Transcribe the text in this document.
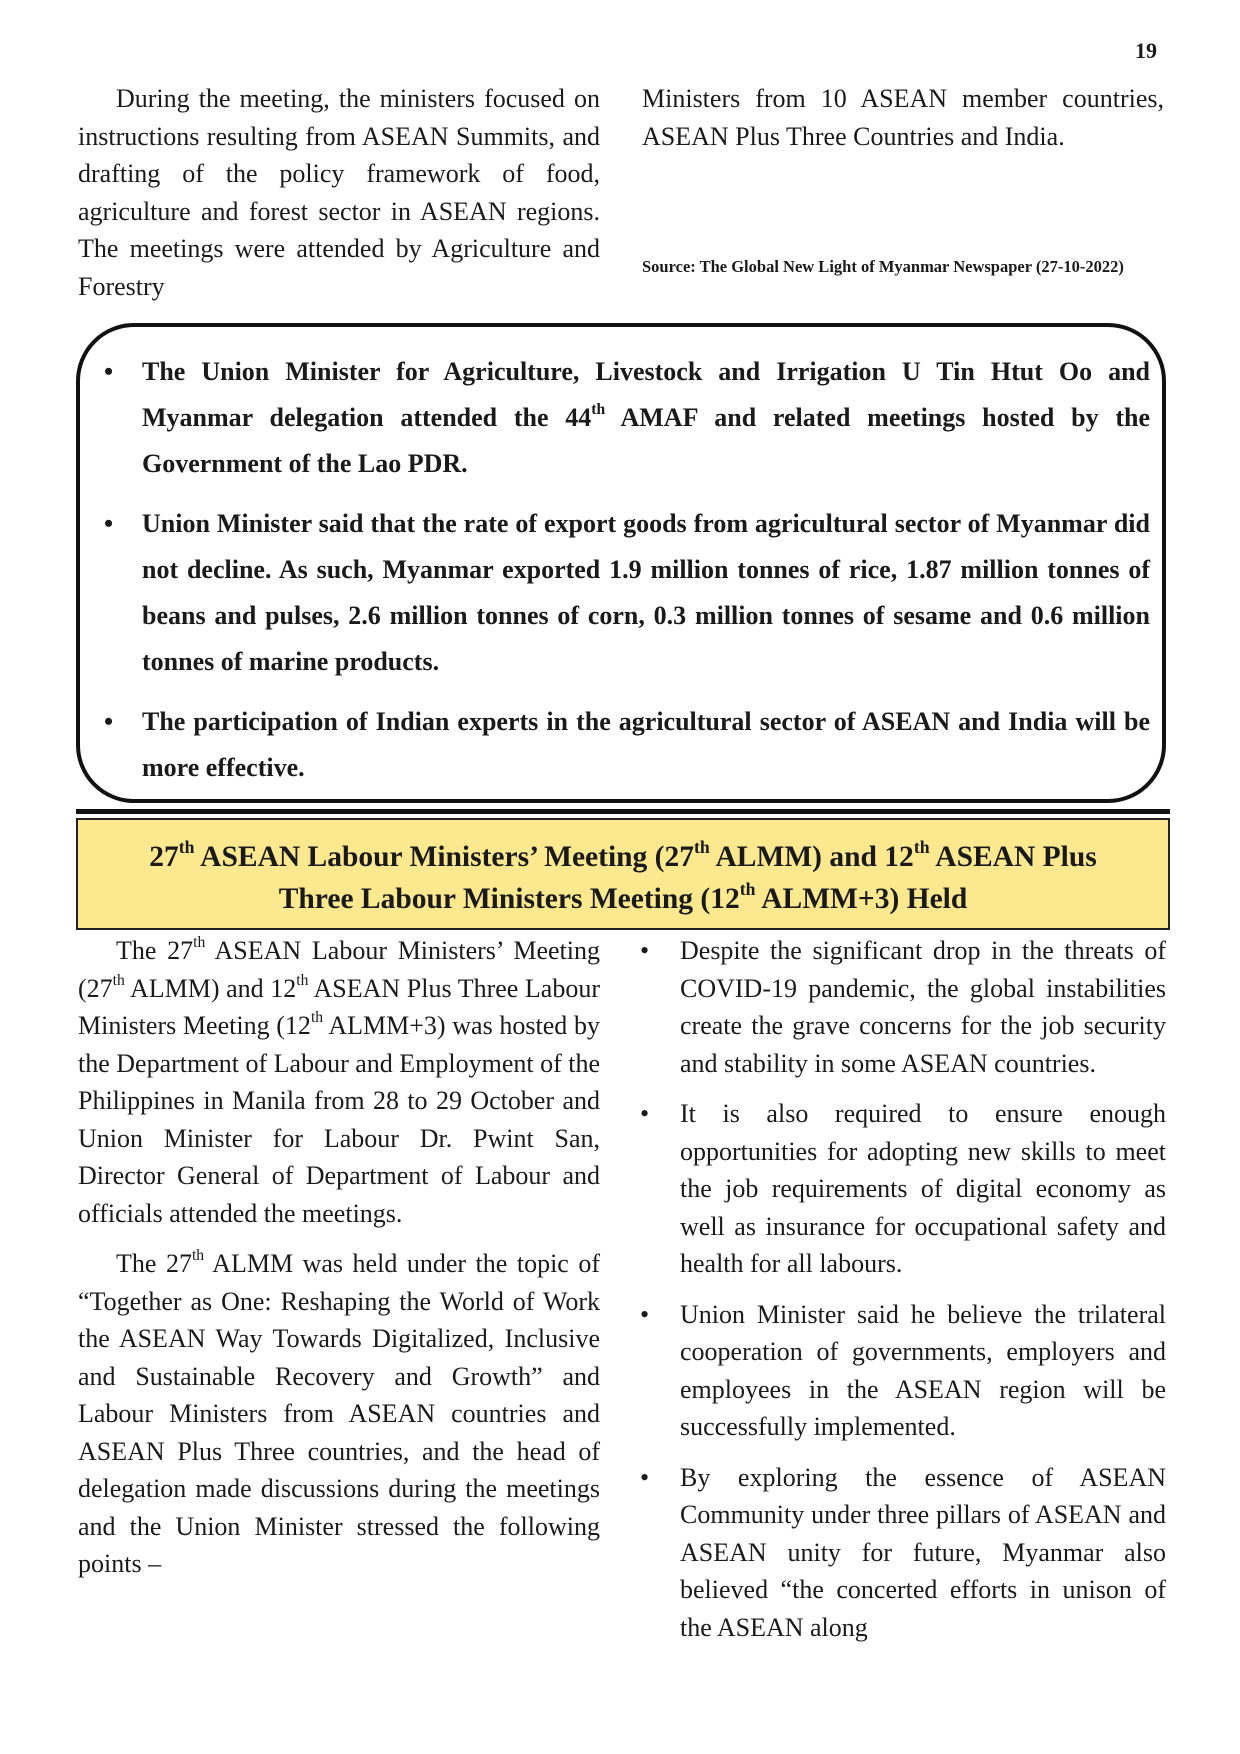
19

During the meeting, the ministers focused on instructions resulting from ASEAN Summits, and drafting of the policy framework of food, agriculture and forest sector in ASEAN regions. The meetings were attended by Agriculture and Forestry

Ministers from 10 ASEAN member countries, ASEAN Plus Three Countries and India.

Source: The Global New Light of Myanmar Newspaper (27-10-2022)
• The Union Minister for Agriculture, Livestock and Irrigation U Tin Htut Oo and Myanmar delegation attended the 44th AMAF and related meetings hosted by the Government of the Lao PDR.
• Union Minister said that the rate of export goods from agricultural sector of Myanmar did not decline. As such, Myanmar exported 1.9 million tonnes of rice, 1.87 million tonnes of beans and pulses, 2.6 million tonnes of corn, 0.3 million tonnes of sesame and 0.6 million tonnes of marine products.
• The participation of Indian experts in the agricultural sector of ASEAN and India will be more effective.
27th ASEAN Labour Ministers’ Meeting (27th ALMM) and 12th ASEAN Plus
Three Labour Ministers Meeting (12th ALMM+3) Held

The 27th ASEAN Labour Ministers’ Meeting (27th ALMM) and 12th ASEAN Plus Three Labour Ministers Meeting (12th ALMM+3) was hosted by the Department of Labour and Employment of the Philippines in Manila from 28 to 29 October and Union Minister for Labour Dr. Pwint San, Director General of Department of Labour and officials attended the meetings.

The 27th ALMM was held under the topic of “Together as One: Reshaping the World of Work the ASEAN Way Towards Digitalized, Inclusive and Sustainable Recovery and Growth” and Labour Ministers from ASEAN countries and ASEAN Plus Three countries, and the head of delegation made discussions during the meetings and the Union Minister stressed the following points –

• Despite the significant drop in the threats of COVID-19 pandemic, the global instabilities create the grave concerns for the job security and stability in some ASEAN countries.
• It is also required to ensure enough opportunities for adopting new skills to meet the job requirements of digital economy as well as insurance for occupational safety and health for all labours.
• Union Minister said he believe the trilateral cooperation of governments, employers and employees in the ASEAN region will be successfully implemented.
• By exploring the essence of ASEAN Community under three pillars of ASEAN and ASEAN unity for future, Myanmar also believed “the concerted efforts in unison of the ASEAN along
